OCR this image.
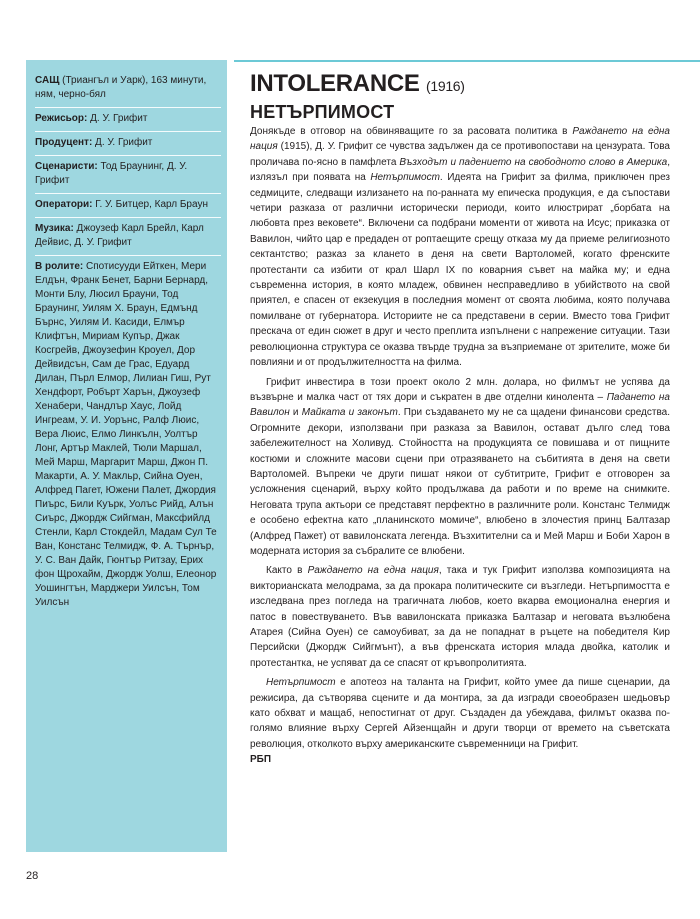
САЩ (Триангъл и Уарк), 163 минути, ням, черно-бял
Режисьор: Д. У. Грифит
Продуцент: Д. У. Грифит
Сценаристи: Тод Браунинг, Д. У. Грифит
Оператори: Г. У. Битцер, Карл Браун
Музика: Джоузеф Карл Брейл, Карл Дейвис, Д. У. Грифит
В ролите: Спотисууди Ейткен, Мери Елдън, Франк Бенет, Барни Бернард, Монти Блу, Люсил Брауни, Тод Браунинг, Уилям Х. Браун, Едмънд Бърнс, Уилям И. Касиди, Елмър Клифтън, Мириам Купър, Джак Косгрейв, Джоузефин Кроуел, Дор Дейвидсън, Сам де Грас, Едуард Дилан, Пърл Елмор, Лилиан Гиш, Рут Хендфорт, Робърт Харън, Джоузеф Хенабери, Чандлър Хаус, Лойд Ингреам, У. И. Уорънс, Ралф Люис, Вера Люис, Елмо Линкълн, Уолтър Лонг, Артър Маклей, Тюли Маршал, Мей Марш, Маргарит Марш, Джон П. Макарти, А. У. Макльр, Сийна Оуен, Алфред Пагет, Южени Палет, Джордия Пиърс, Били Куърк, Уолъс Рийд, Алън Сиърс, Джордж Сийгман, Максфийлд Стенли, Карл Стокдейл, Мадам Сул Те Ван, Констанс Телмидж, Ф. А. Търнър, У. С. Ван Дайк, Гюнтър Ритзау, Ерих фон Щрохайм, Джордж Уолш, Елеонор Уошингтън, Марджери Уилсън, Том Уилсън
INTOLERANCE (1916)
НЕТЪРПИМОСТ

Донякъде в отговор на обвиняващите го за расовата политика в Раждането на една нация (1915), Д. У. Грифит се чувства задължен да се противопостави на цензурата. Това проличава по-ясно в памфлета Възходът и падението на свободното слово в Америка, излязъл при появата на Нетърпимост. Идеята на Грифит за филма, приключен през седмиците, следващи излизането на по-ранната му епическа продукция, е да съпостави четири разказа от различни исторически периоди, които илюстрират „борбата на любовта през вековете“. Включени са подбрани моменти от живота на Исус; приказка от Вавилон, чийто цар е предаден от роптаещите срещу отказа му да приеме религиозното сектантство; разказ за клането в деня на свети Вартоломей, когато френските протестанти са избити от крал Шарл IX по коварния съвет на майка му; и една съвременна история, в която младеж, обвинен несправедливо в убийството на свой приятел, е спасен от екзекуция в последния момент от своята любима, която получава помилване от губернатора. Историите не са представени в серии. Вместо това Грифит прескача от един сюжет в друг и често преплита изпълнени с напрежение ситуации. Тази революционна структура се оказва твърде трудна за възприемане от зрителите, може би повлияни и от продължителността на филма.

Грифит инвестира в този проект около 2 млн. долара, но филмът не успява да възвърне и малка част от тях дори и съкратен в две отделни кинолента – Падането на Вавилон и Майката и законът. При създаването му не са щадени финансови средства. Огромните декори, използвани при разказа за Вавилон, остават дълго след това забележителност на Холивуд. Стойността на продукцията се повишава и от пищните костюми и сложните масови сцени при отразяването на събитията в деня на свети Вартоломей. Въпреки че други пишат някои от субтитрите, Грифит е отговорен за усложнения сценарий, върху който продължава да работи и по време на снимките. Неговата трупа актьори се представят перфектно в различните роли. Констанс Телмидж е особено ефектна като „планинското момиче“, влюбено в злочестия принц Балтазар (Алфред Пажет) от вавилонската легенда. Възхитителни са и Мей Марш и Боби Харон в модерната история за събралите се влюбени.

Както в Раждането на една нация, така и тук Грифит използва композицията на викторианската мелодрама, за да прокара политическите си възгледи. Нетърпимостта е изследвана през погледа на трагичната любов, което вкарва емоционална енергия и патос в повествуването. Във вавилонската приказка Балтазар и неговата възлюбена Атарея (Сийна Оуен) се самоубиват, за да не попаднат в ръцете на победителя Кир Персийски (Джордж Сийгмънт), а във френската история млада двойка, католик и протестантка, не успяват да се спасят от кръвопролитията.

Нетърпимост е апотеоз на таланта на Грифит, който умее да пише сценарии, да режисира, да сътворява сцените и да монтира, за да изгради своеобразен шедьовър като обхват и мащаб, непостигнат от друг. Създаден да убеждава, филмът оказва по-голямо влияние върху Сергей Айзенщайн и други творци от времето на съветската революция, отколкото върху американските съвременници на Грифит.

РБП

28
